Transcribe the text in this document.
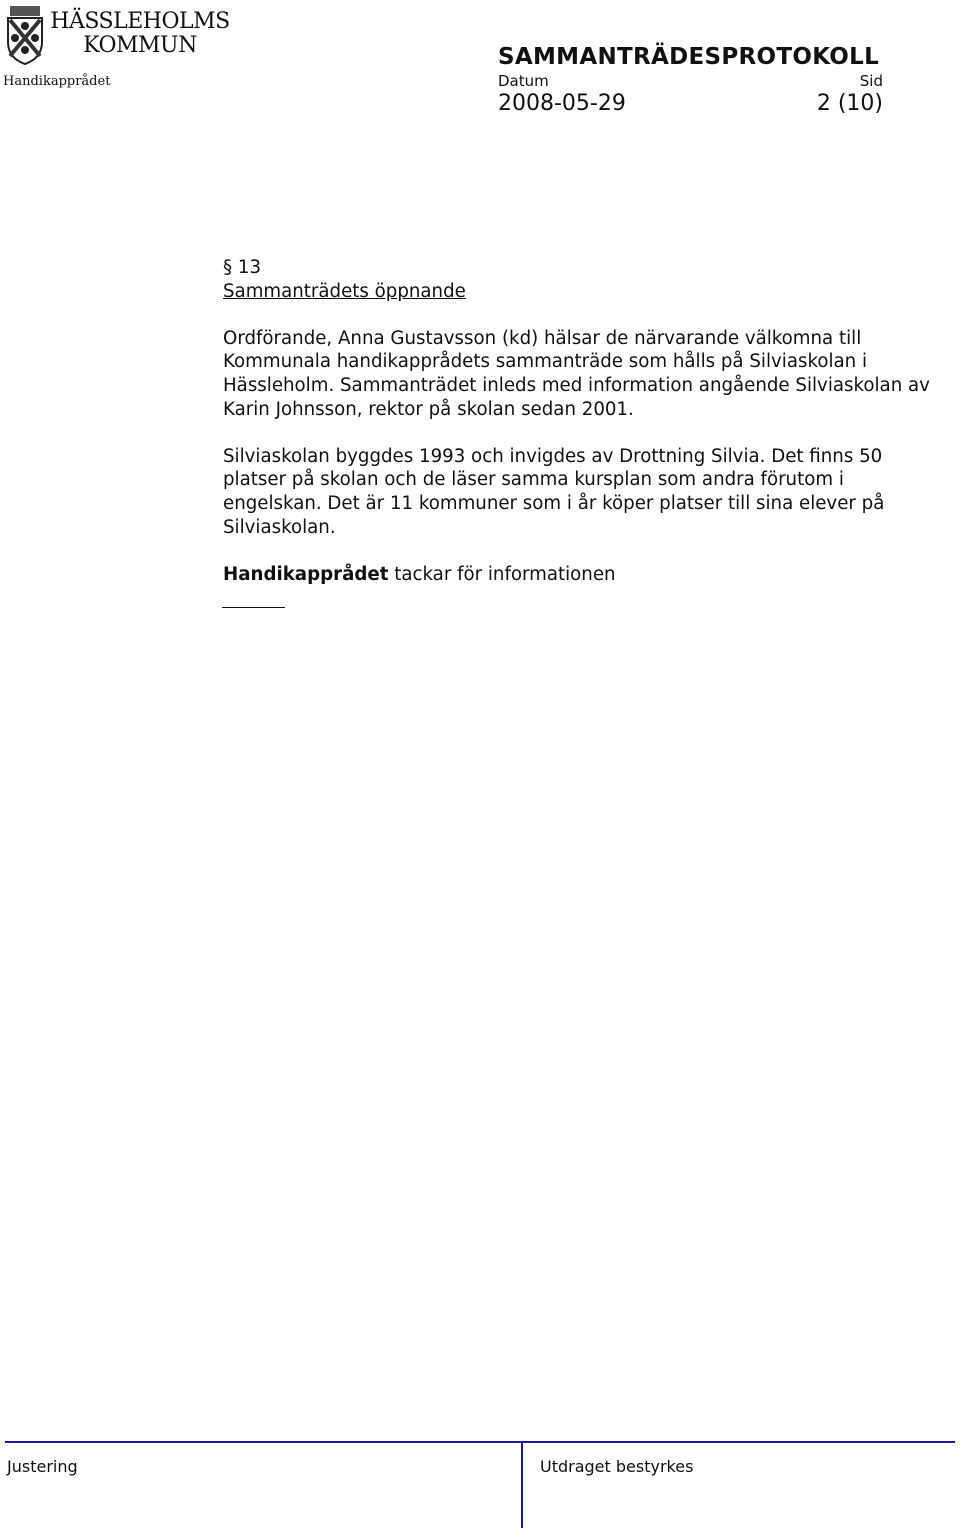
HÄSSLEHOLMS
KOMMUN
Handikapprådet
SAMMANTRÄDESPROTOKOLL
Datum	Sid
2008-05-29	2 (10)

§ 13

Sammanträdets öppnande

Ordförande, Anna Gustavsson (kd) hälsar de närvarande välkomna till Kommunala handikapprådets sammanträde som hålls på Silviaskolan i Hässleholm. Sammanträdet inleds med information angående Silviaskolan av Karin Johnsson, rektor på skolan sedan 2001.

Silviaskolan byggdes 1993 och invigdes av Drottning Silvia. Det finns 50 platser på skolan och de läser samma kursplan som andra förutom i engelskan. Det är 11 kommuner som i år köper platser till sina elever på Silviaskolan.

Handikapprådet tackar för informationen

Justering	Utdraget bestyrkes
